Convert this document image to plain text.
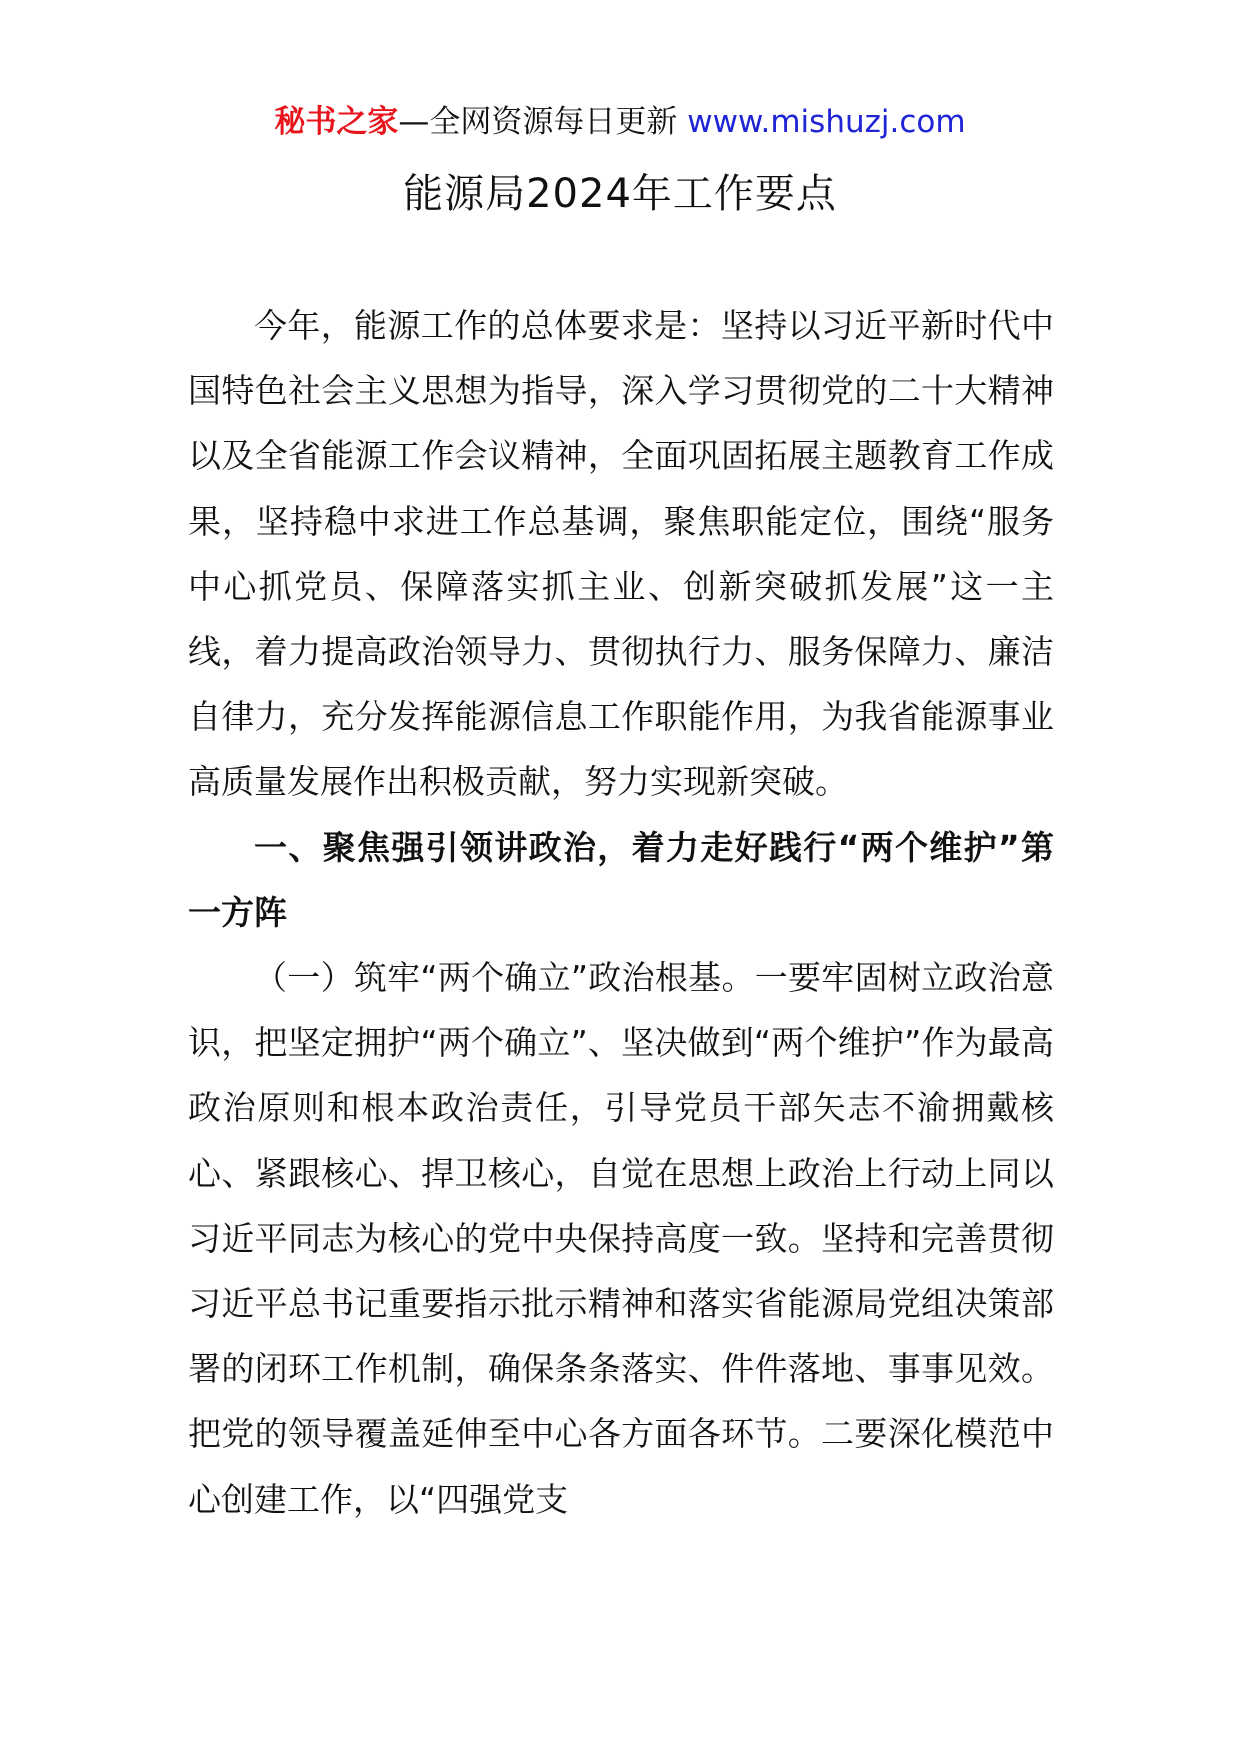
秘书之家—全网资源每日更新 www.mishuzj.com
能源局2024年工作要点

今年，能源工作的总体要求是：坚持以习近平新时代中国特色社会主义思想为指导，深入学习贯彻党的二十大精神以及全省能源工作会议精神，全面巩固拓展主题教育工作成果，坚持稳中求进工作总基调，聚焦职能定位，围绕“服务中心抓党员、保障落实抓主业、创新突破抓发展”这一主线，着力提高政治领导力、贯彻执行力、服务保障力、廉洁自律力，充分发挥能源信息工作职能作用，为我省能源事业高质量发展作出积极贡献，努力实现新突破。

一、聚焦强引领讲政治，着力走好践行“两个维护”第一方阵

（一）筑牢“两个确立”政治根基。一要牢固树立政治意识，把坚定拥护“两个确立”、坚决做到“两个维护”作为最高政治原则和根本政治责任，引导党员干部矢志不渝拥戴核心、紧跟核心、捍卫核心，自觉在思想上政治上行动上同以习近平同志为核心的党中央保持高度一致。坚持和完善贯彻习近平总书记重要指示批示精神和落实省能源局党组决策部署的闭环工作机制，确保条条落实、件件落地、事事见效。把党的领导覆盖延伸至中心各方面各环节。二要深化模范中心创建工作，以“四强党支
